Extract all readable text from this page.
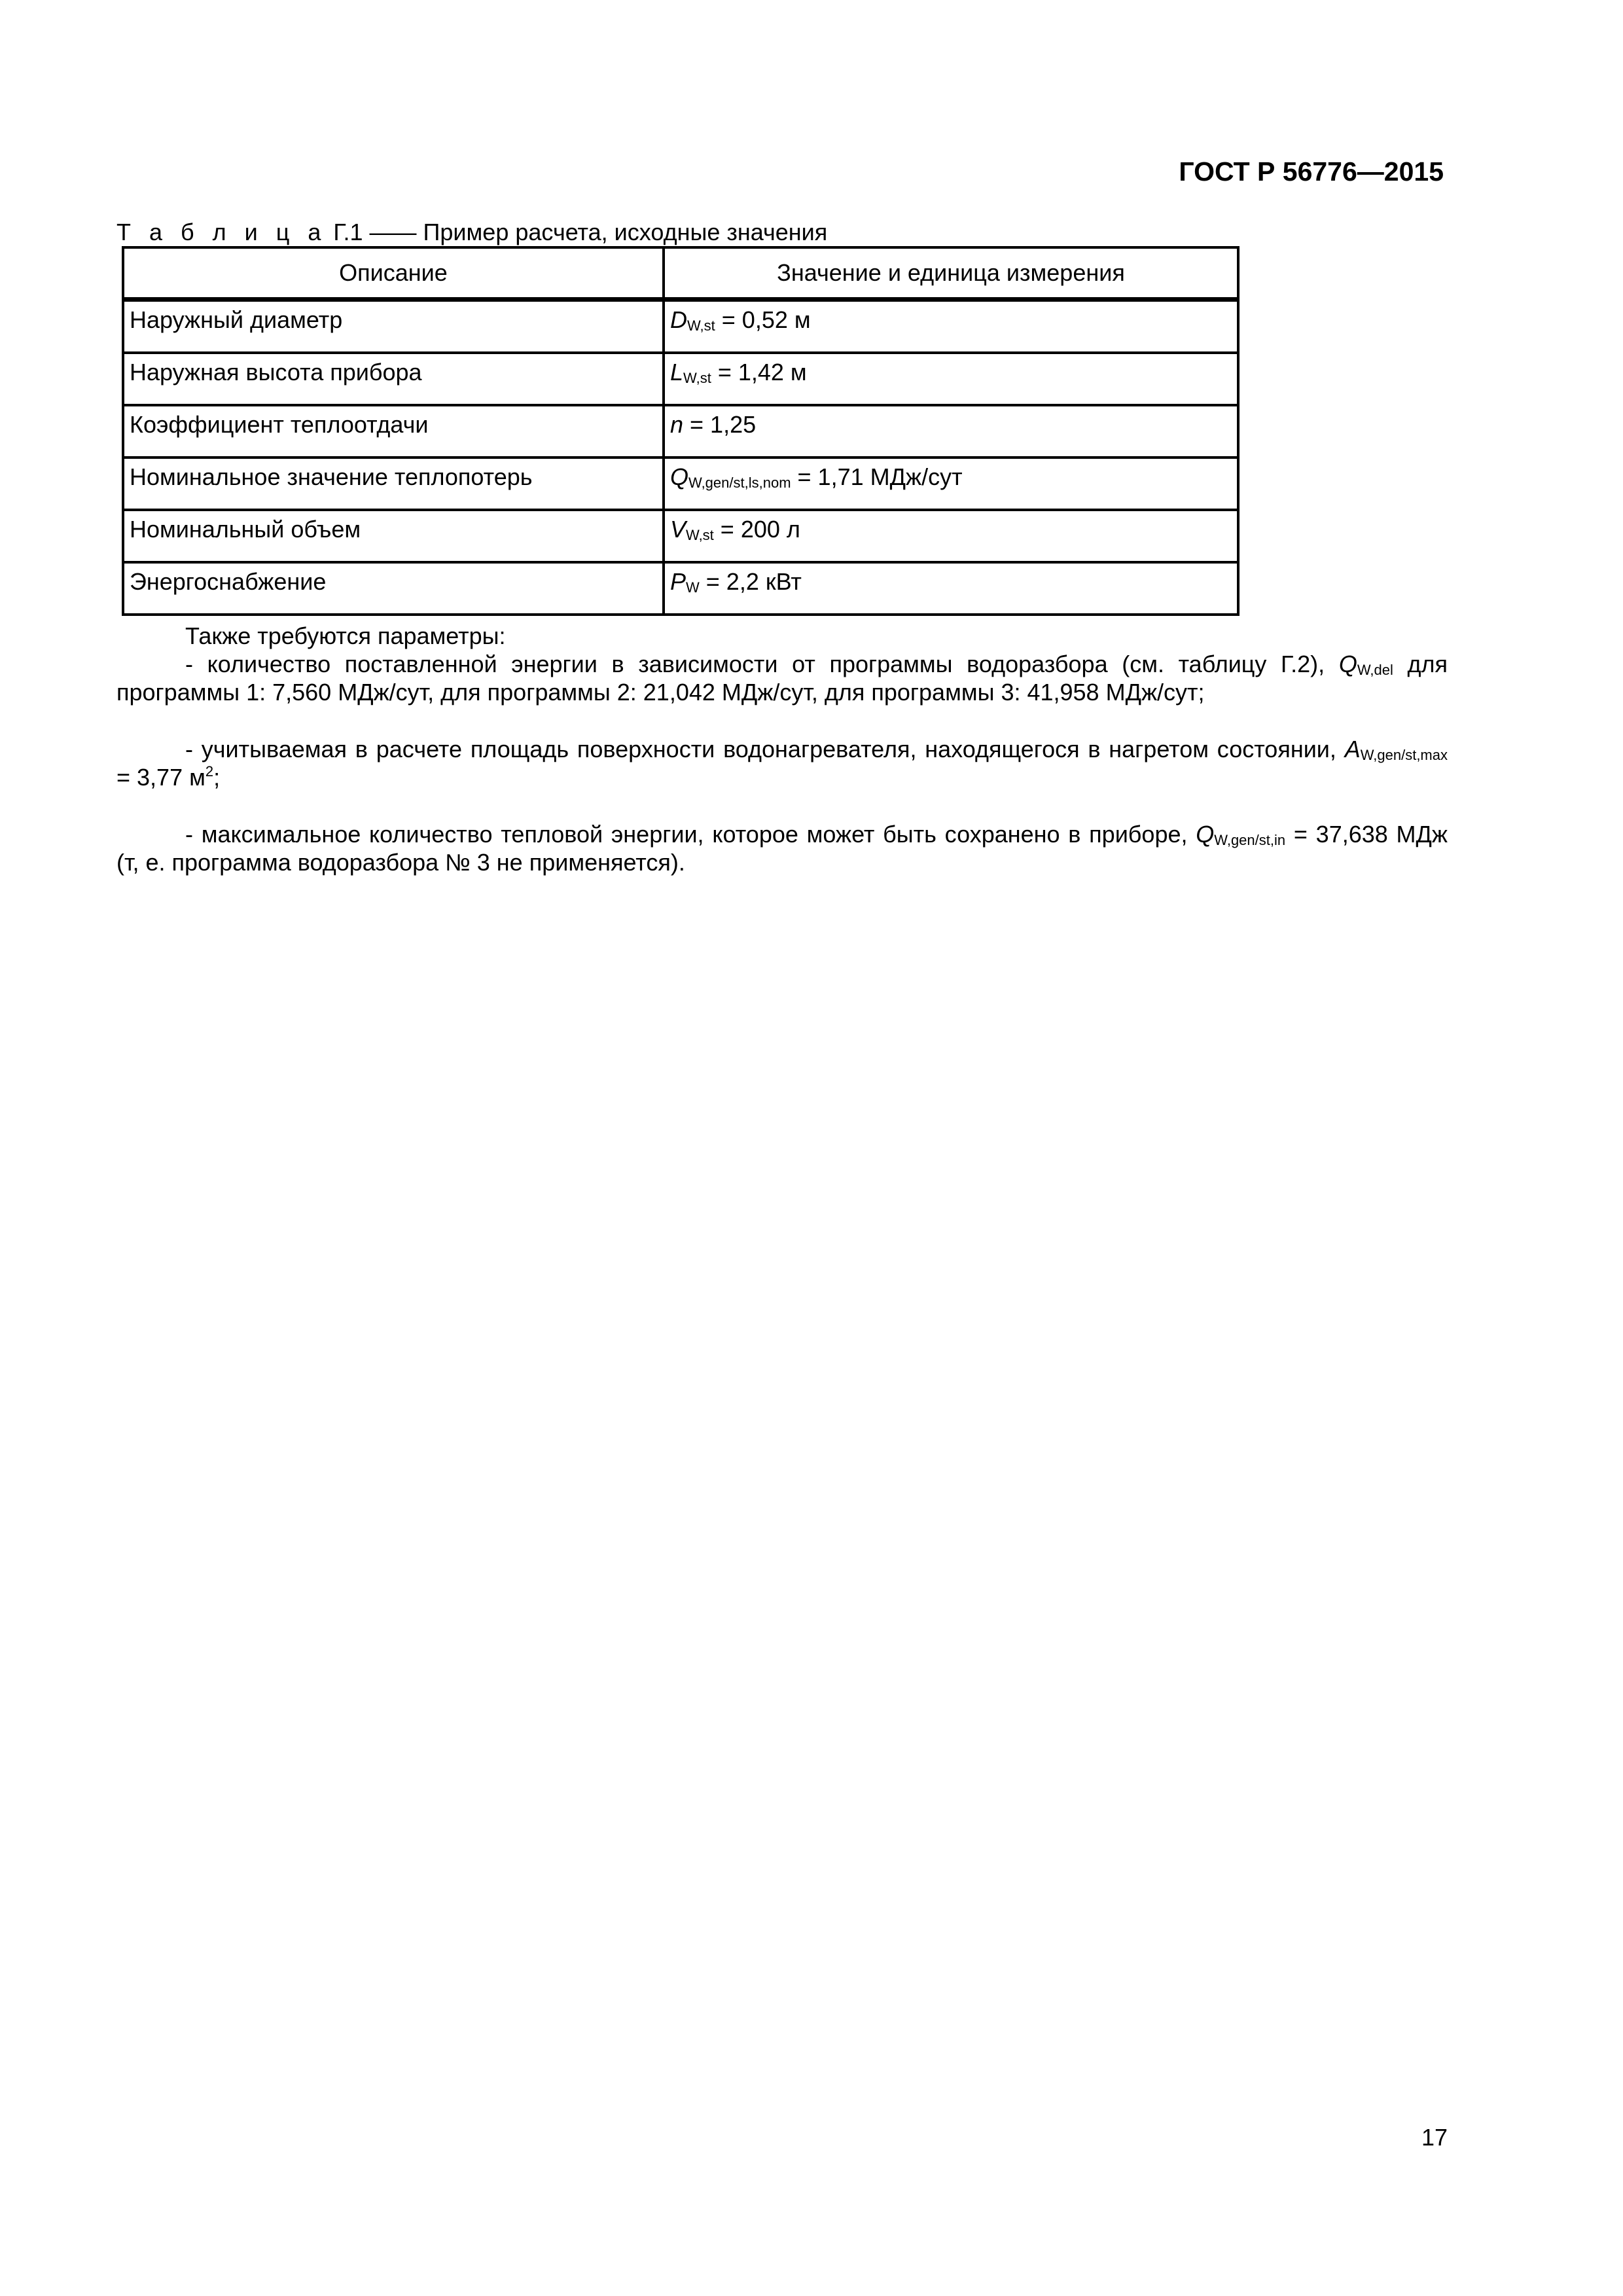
ГОСТ Р 56776—2015
Т а б л и ц а Г.1 —— Пример расчета, исходные значения
Описание	Значение и единица измерения
Наружный диаметр	$D_{W,st} = 0,52$ м
Наружная высота прибора	$L_{W,st} = 1,42$ м
Коэффициент теплоотдачи	n = 1,25
Номинальное значение теплопотерь	$Q_{W,gen/st,ls,nom} = 1,71$ МДж/сут
Номинальный объем	$V_{W,st} = 200$ л
Энергоснабжение	$P_W = 2,2$ кВт

Также требуются параметры:

- количество поставленной энергии в зависимости от программы водоразбора (см. таблицу Г.2), $Q_{W,del}$ для программы 1: 7,560 МДж/сут, для программы 2: 21,042 МДж/сут, для программы 3: 41,958 МДж/сут;

- учитываемая в расчете площадь поверхности водонагревателя, находящегося в нагретом состоянии, $A_{W,gen/st,max} = 3,77$ $м^2$;

- максимальное количество тепловой энергии, которое может быть сохранено в приборе, $Q_{W,gen/st,in} = 37,638$ МДж (т, е. программа водоразбора № 3 не применяется).

17
